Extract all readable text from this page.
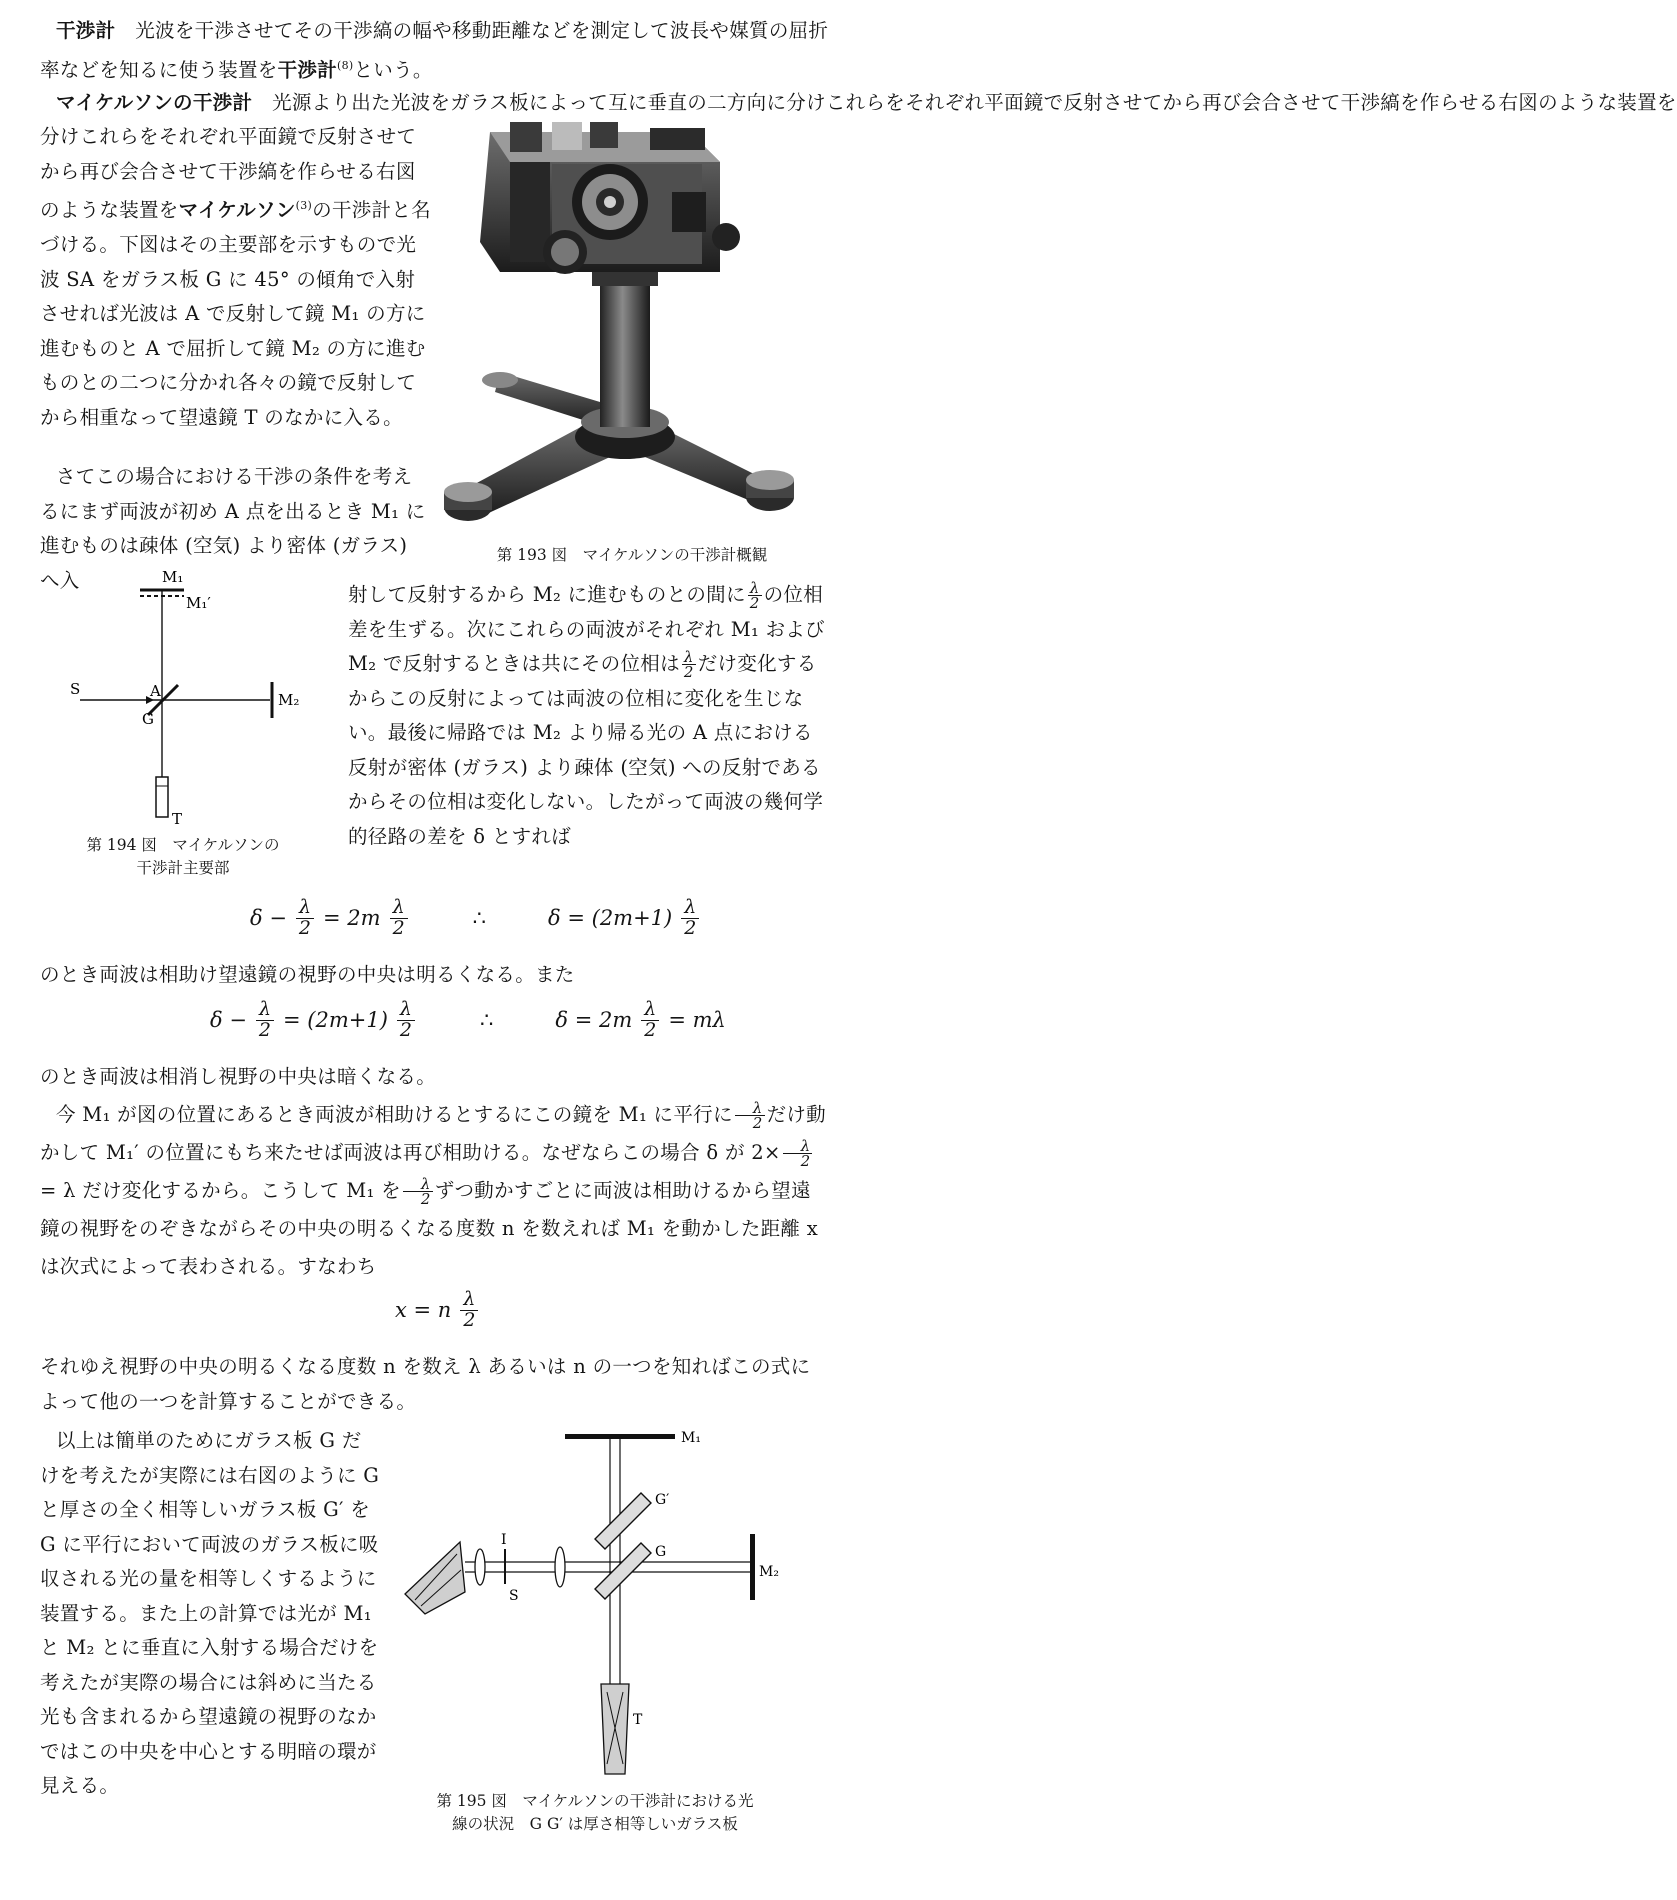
干渉計　 光波を干渉させてその干渉縞の幅や移動距離などを測定して波長や媒質の屈折率などを知るに使う装置を干渉計$^{(8)}$という。
マイケルソンの干渉計　 光源より出た光波をガラス板によって互に垂直の二方向に分けこれらをそれぞれ平面鏡で反射させてから再び会合させて干渉縞を作らせる右図のような装置を
分けこれらをそれぞれ平面鏡で反射させてから再び会合させて干渉縞を作らせる右図のような装置をマイケルソン$^{(3)}$の干渉計と名づける。下図はその主要部を示すもので光波 SA をガラス板 G に 45° の傾角で入射させれば光波は A で反射して鏡 M₁ の方に進むものと A で屈折して鏡 M₂ の方に進むものとの二つに分かれ各々の鏡で反射してから相重なって望遠鏡 T のなかに入る。
第 193 図　マイケルソンの干渉計概観
さてこの場合における干渉の条件を考えるにまず両波が初め A 点を出るとき M₁ に進むものは疎体 (空気) より密体 (ガラス) へ入	M₁
M₁′
S	A
G
M₂
T
第 194 図　マイケルソンの
干渉計主要部
射して反射するから M₂ に進むものとの間に $\frac{\lambda}{2}$ の位相差を生ずる。次にこれらの両波がそれぞれ M₁ および M₂ で反射するときは共にその位相は $\frac{\lambda}{2}$ だけ変化するからこの反射によっては両波の位相に変化を生じない。最後に帰路では M₂ より帰る光の A 点における反射が密体 (ガラス) より疎体 (空気) への反射であるからその位相は変化しない。したがって両波の幾何学的径路の差を δ とすれば
$\delta - \frac{\lambda}{2} = 2m \frac{\lambda}{2}$	∴	$\delta = (2m+1) \frac{\lambda}{2}$
のとき両波は相助け望遠鏡の視野の中央は明るくなる。また
$\delta - \frac{\lambda}{2} = (2m+1) \frac{\lambda}{2}$	∴	$\delta = 2m \frac{\lambda}{2} = m\lambda$
のとき両波は相消し視野の中央は暗くなる。
今 M₁ が図の位置にあるとき両波が相助けるとするにこの鏡を M₁ に平行に $\frac{\lambda}{2}$ だけ動かして M₁′ の位置にもち来たせば両波は再び相助ける。なぜならこの場合 δ が $2\times \frac{\lambda}{2}$
= λ だけ変化するから。こうして M₁ を $\frac{\lambda}{2}$ ずつ動かすごとに両波は相助けるから望遠鏡の視野をのぞきながらその中央の明るくなる度数 n を数えれば M₁ を動かした距離 x は次式によって表わされる。すなわち
x = n $\frac{\lambda}{2}$
それゆえ視野の中央の明るくなる度数 n を数え λ あるいは n の一つを知ればこの式によって他の一つを計算することができる。
以上は簡単のためにガラス板 G だけを考えたが実際には右図のように G と厚さの全く相等しいガラス板 G′ を G に平行において両波のガラス板に吸収される光の量を相等しくするように装置する。また上の計算では光が M₁ と M₂ とに垂直に入射する場合だけを考えたが実際の場合には斜めに当たる光も含まれるから望遠鏡の視野のなかではこの中央を中心とする明暗の環が見える。
M₁
G′
G
I
S
M₂
T
第 195 図　マイケルソンの干渉計における光
線の状況　G G′ は厚さ相等しいガラス板
